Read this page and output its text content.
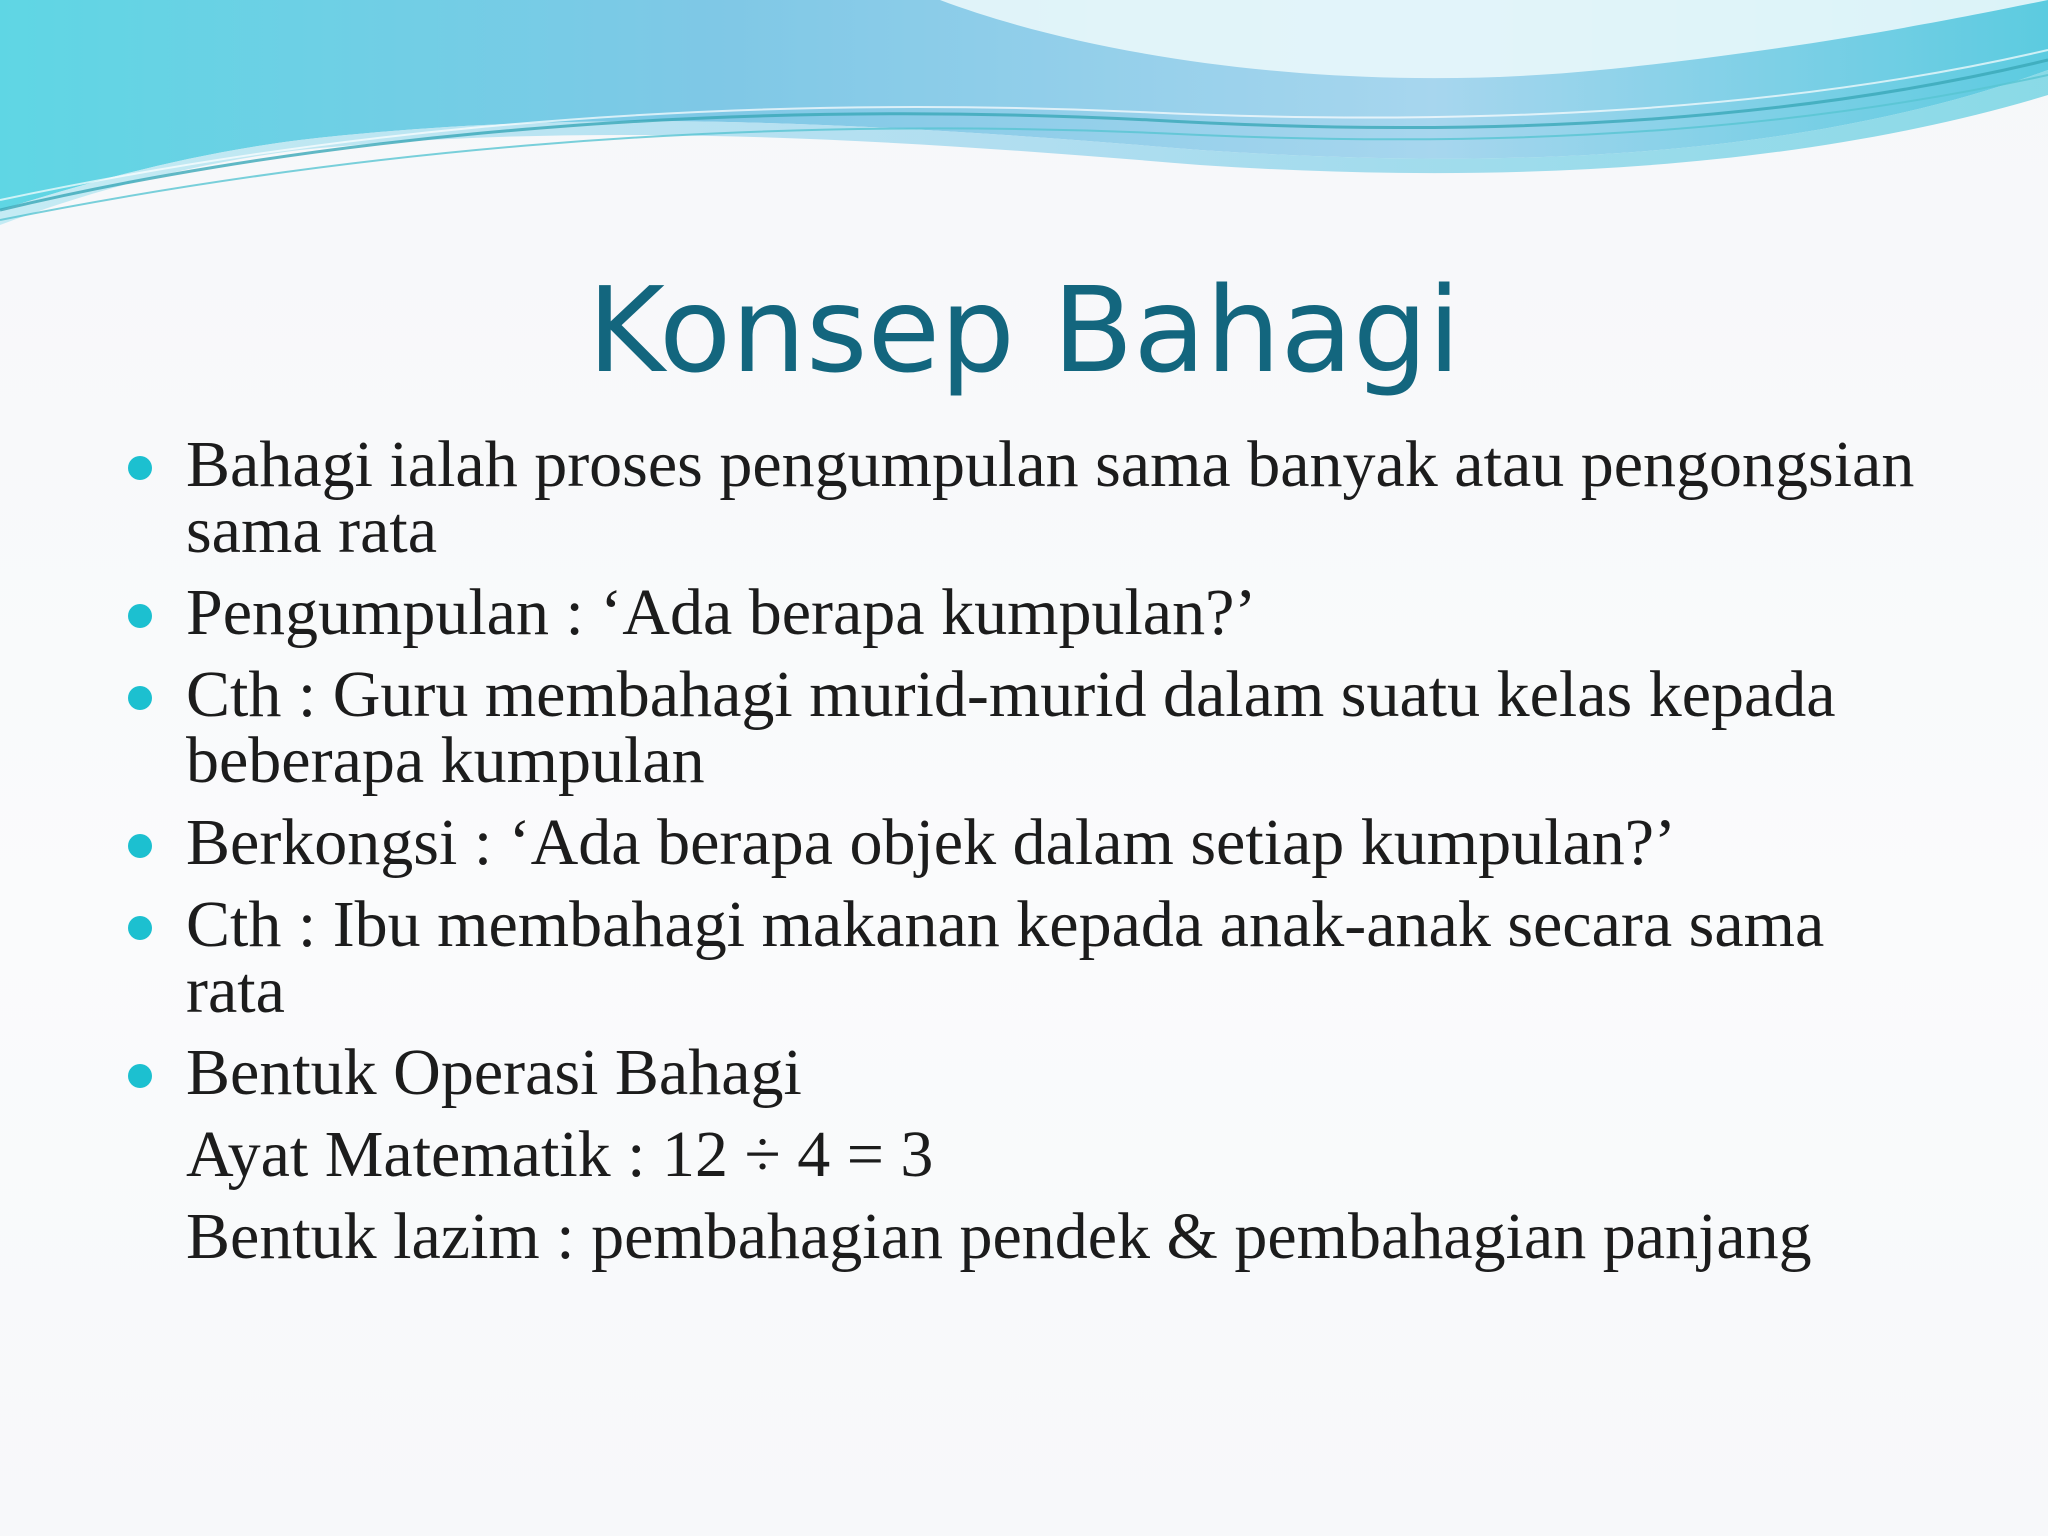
Konsep Bahagi
Bahagi ialah proses pengumpulan sama banyak atau pengongsian sama rata
Pengumpulan : ‘Ada berapa kumpulan?’
Cth : Guru membahagi murid-murid dalam suatu kelas kepada beberapa kumpulan
Berkongsi : ‘Ada berapa objek dalam setiap kumpulan?’
Cth : Ibu membahagi makanan kepada anak-anak secara sama rata
Bentuk Operasi Bahagi
Ayat Matematik : 12 ÷ 4 = 3
Bentuk lazim : pembahagian pendek & pembahagian panjang
